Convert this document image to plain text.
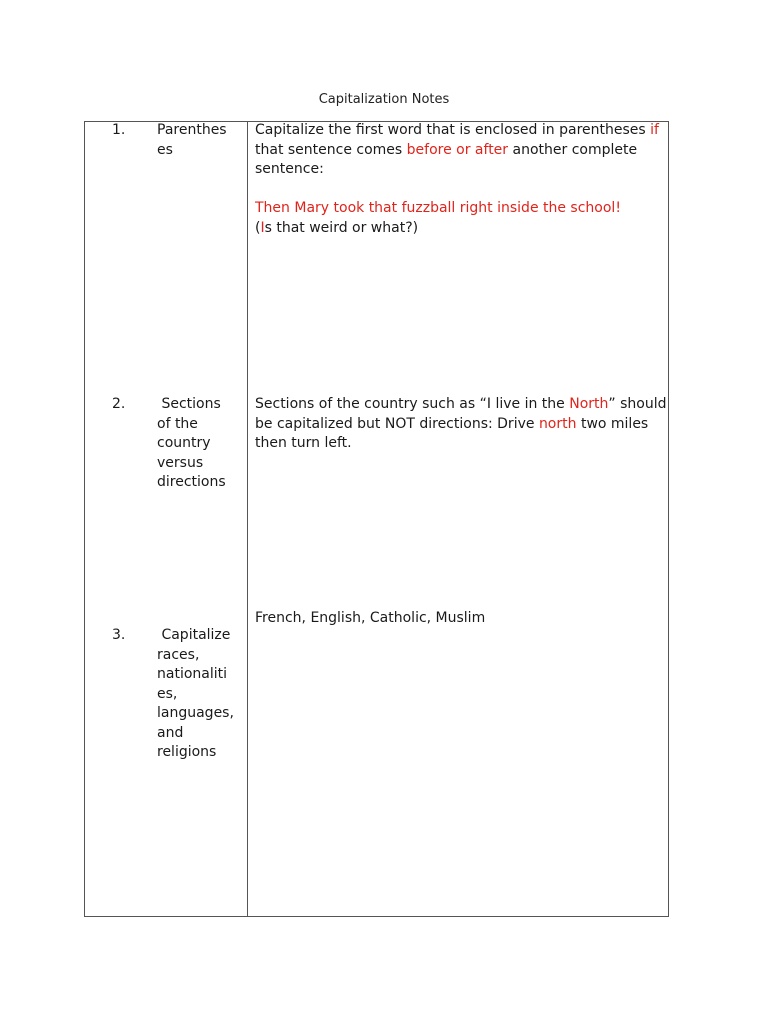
Capitalization Notes
1. Parenthes
es

Capitalize the first word that is enclosed in parentheses if that sentence comes before or after another complete sentence:

Then Mary took that fuzzball right inside the school!
(Is that weird or what?)

2. Sections
of the
country
versus
directions

Sections of the country such as “I live in the North” should be capitalized but NOT directions: Drive north two miles then turn left.

French, English, Catholic, Muslim

3. Capitalize
races,
nationaliti
es,
languages,
and
religions
